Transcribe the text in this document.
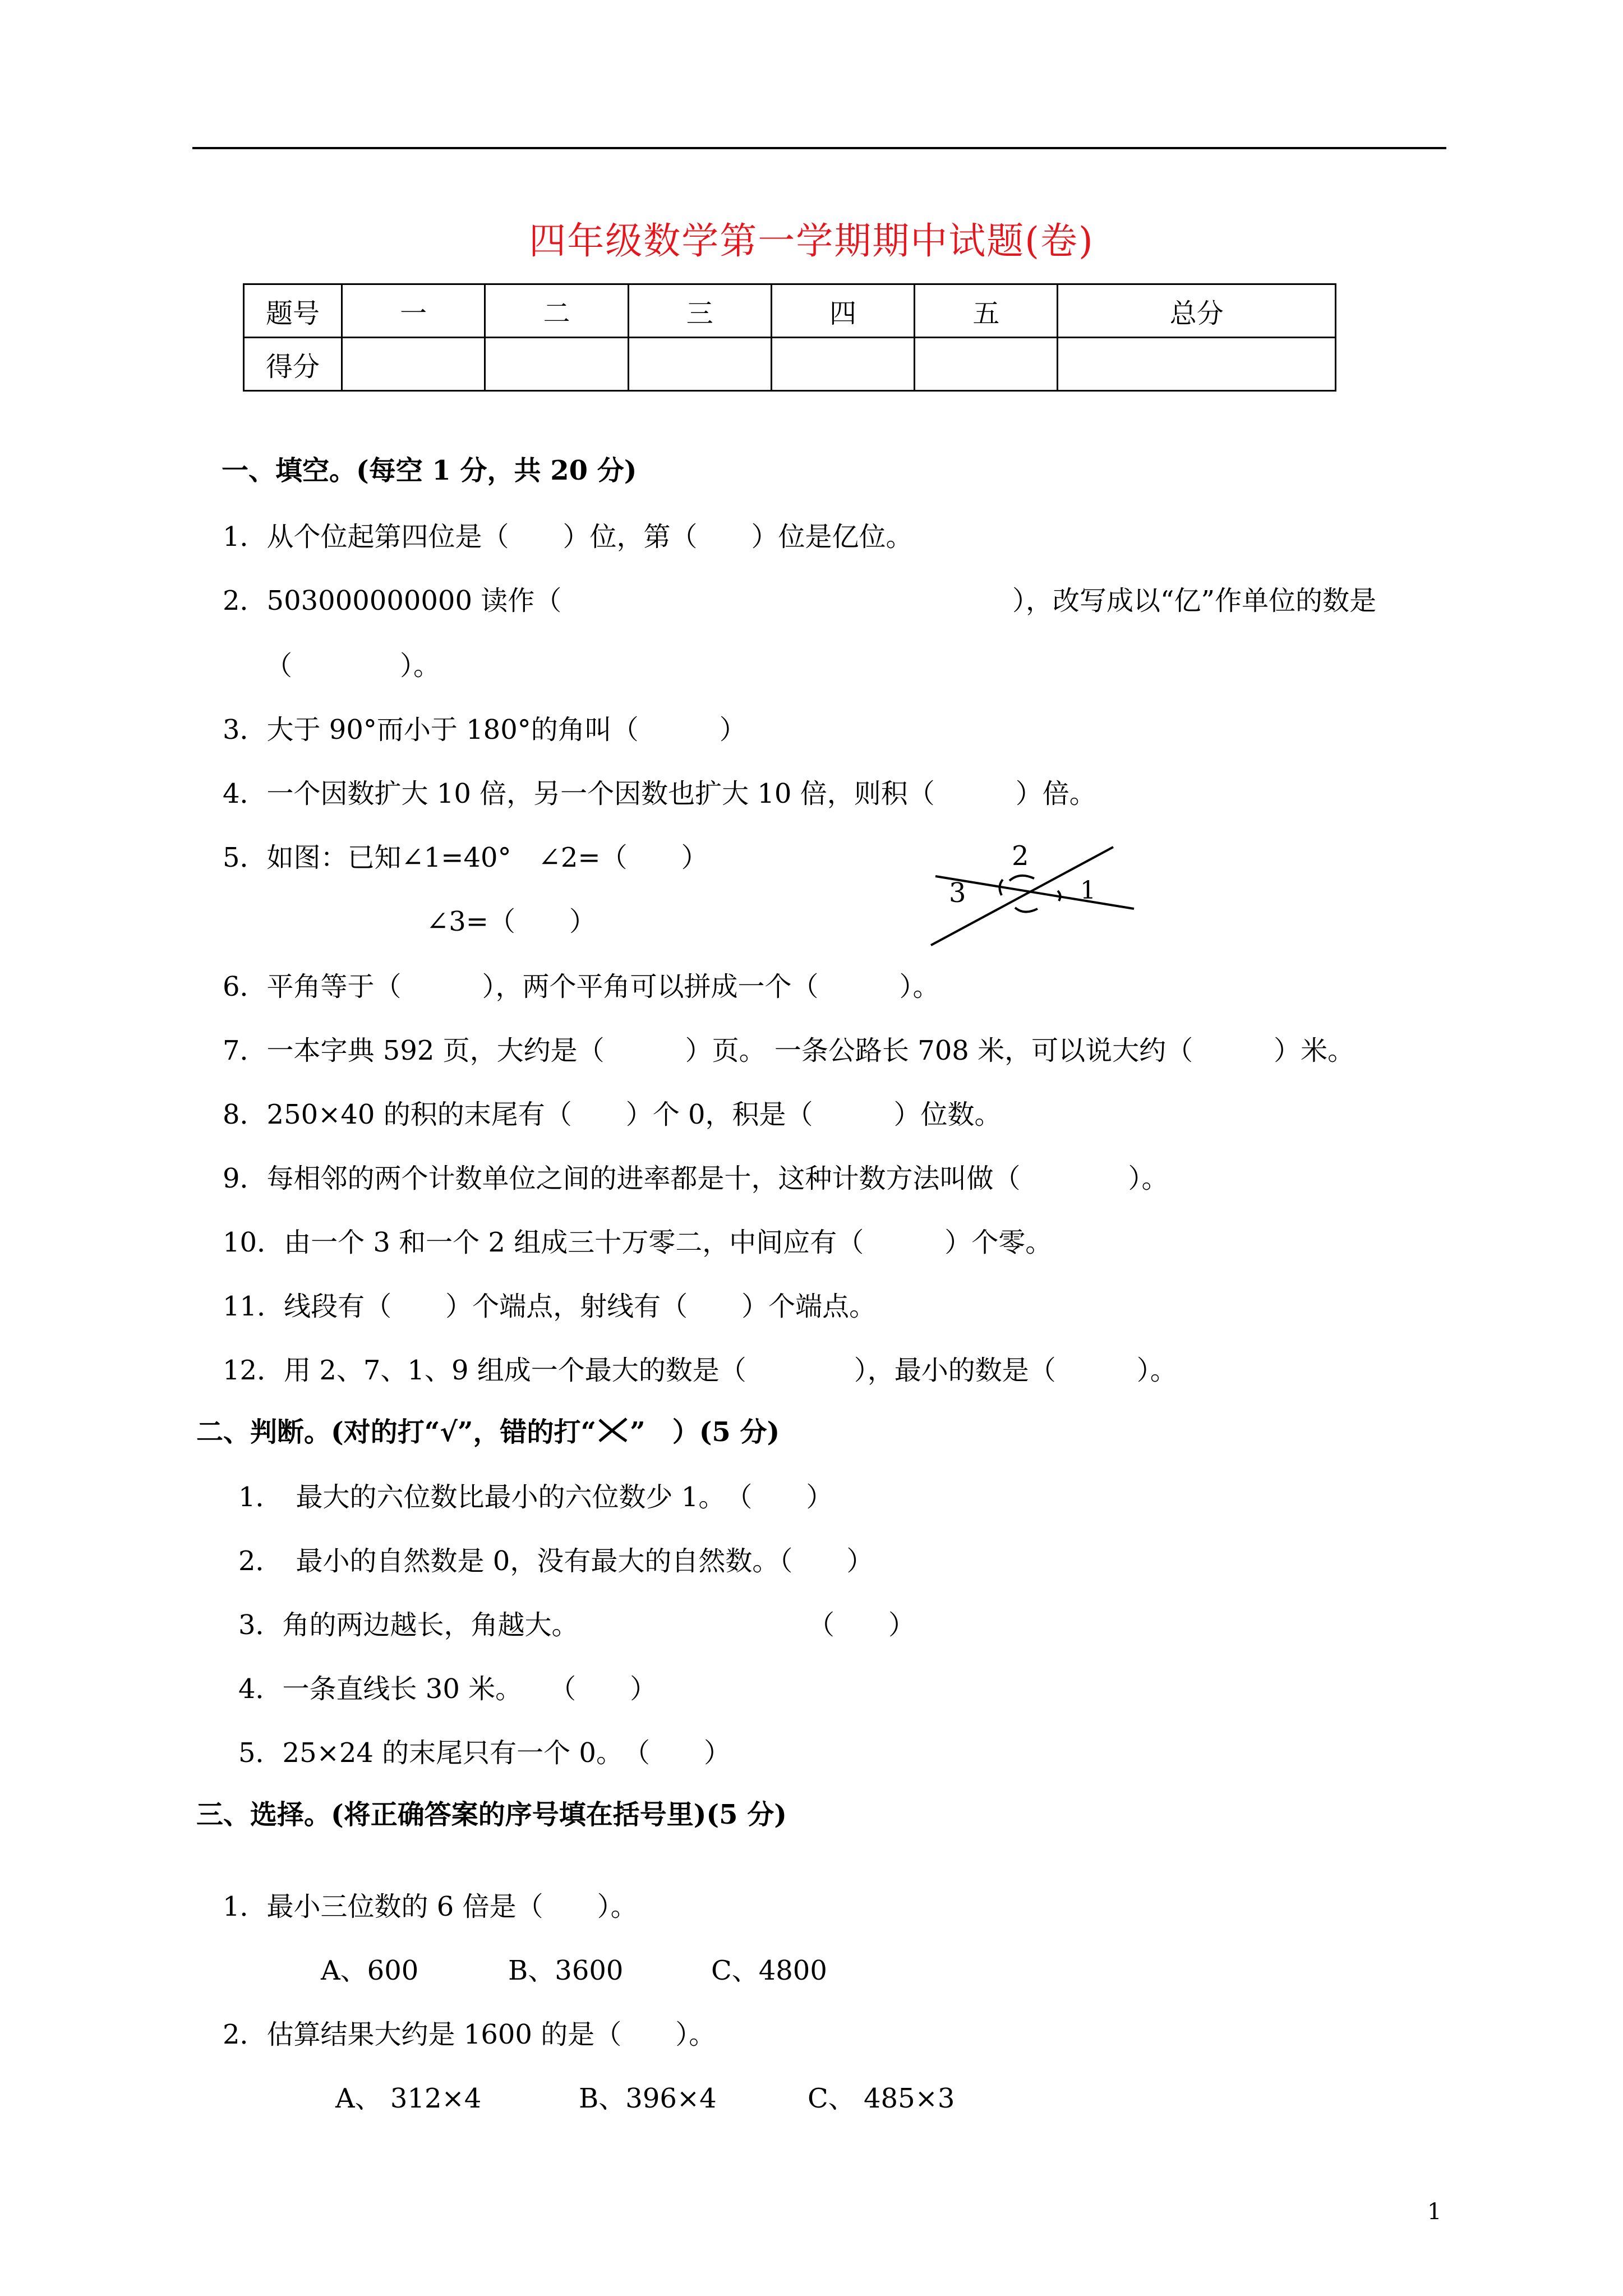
四年级数学第一学期期中试题(卷)
题号	一	二	三	四	五	总分
得分						
一、填空。(每空 1 分，共 20 分)
1．从个位起第四位是（　　）位，第（　　）位是亿位。
2．503000000000 读作（	），改写成以“亿”作单位的数是
（　　　　）。
3．大于 90°而小于 180°的角叫（　　　）
4．一个因数扩大 10 倍，另一个因数也扩大 10 倍，则积（　　　）倍。
5．如图：已知∠1=40°　∠2=（　　）
∠3=（　　）
2
3	1
6．平角等于（　　　），两个平角可以拼成一个（　　　）。
7．一本字典 592 页，大约是（　　　）页。 一条公路长 708 米，可以说大约（　　　）米。
8．250×40 的积的末尾有（　　）个 0，积是（　　　）位数。
9．每相邻的两个计数单位之间的进率都是十，这种计数方法叫做（　　　　）。
10．由一个 3 和一个 2 组成三十万零二，中间应有（　　　）个零。
11．线段有（　　）个端点，射线有（　　）个端点。
12．用 2、7、1、9 组成一个最大的数是（　　　　），最小的数是（　　　）。
二、判断。(对的打“√”，错的打“ ”　）(5 分)
1．　最大的六位数比最小的六位数少 1。　（　　）
2．　最小的自然数是 0，没有最大的自然数。（　　）
3．角的两边越长，角越大。	（　　）
4．一条直线长 30 米。　　（　　）
5．25×24 的末尾只有一个 0。　（　　）
三、选择。(将正确答案的序号填在括号里)(5 分)
1．最小三位数的 6 倍是（　　）。
A、600	B、3600	C、4800
2．估算结果大约是 1600 的是（　　）。
A、 312×4	B、396×4	C、 485×3
1
